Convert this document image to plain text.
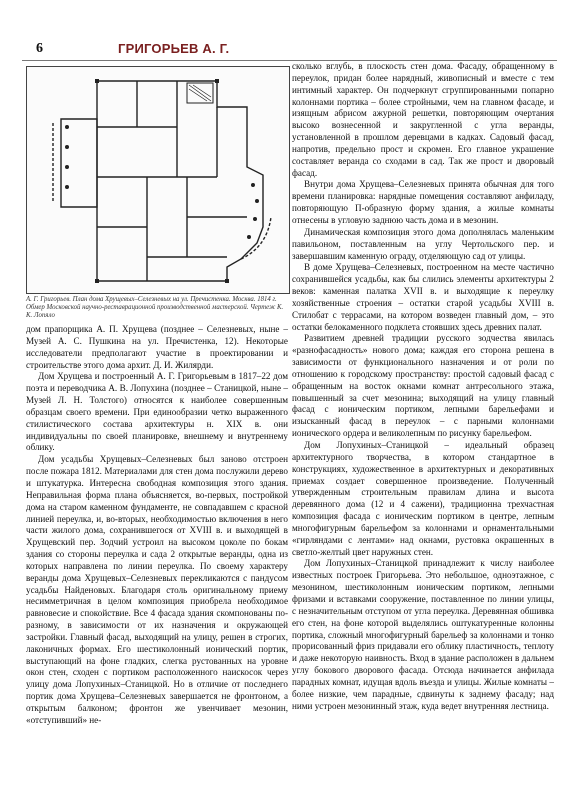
6	ГРИГОРЬЕВ А. Г.
А. Г. Григорьев. План дома Хрущевых–Селезневых на ул. Пречистенка. Москва. 1814 г. Обмер Московской научно-реставрационной производственной мастерской. Чертеж К. К. Лопяло

дом прапорщика А. П. Хрущева (позднее – Селезневых, ныне – Музей А. С. Пушкина на ул. Пречистенка, 12). Некоторые исследователи предполагают участие в проектировании и строительстве этого дома архит. Д. И. Жилярди.

Дом Хрущева и построенный А. Г. Григорьевым в 1817–22 дом поэта и переводчика А. В. Лопухина (позднее – Станицкой, ныне – Музей Л. Н. Толстого) относятся к наиболее совершенным образцам своего времени. При единообразии четко выраженного стилистического состава архитектуры н. XIX в. они индивидуальны по своей планировке, внешнему и внутреннему облику.

Дом усадьбы Хрущевых–Селезневых был заново отстроен после пожара 1812. Материалами для стен дома послужили дерево и штукатурка. Интересна свободная композиция этого здания. Неправильная форма плана объясняется, во-первых, постройкой дома на старом каменном фундаменте, не совпадавшем с красной линией переулка, и, во-вторых, необходимостью включения в него части жилого дома, сохранившегося от XVIII в. и выходящей в Хрущевский пер. Зодчий устроил на высоком цоколе по бокам здания со стороны переулка и сада 2 открытые веранды, одна из которых направлена по линии переулка. По своему характеру веранды дома Хрущевых–Селезневых перекликаются с пандусом усадьбы Найденовых. Благодаря столь оригинальному приему несимметричная в целом композиция приобрела необходимое равновесие и спокойствие. Все 4 фасада здания скомпонованы по-разному, в зависимости от их назначения и окружающей застройки. Главный фасад, выходящий на улицу, решен в строгих, лаконичных формах. Его шестиколонный ионический портик, выступающий на фоне гладких, слегка рустованных на уровне окон стен, сходен с портиком расположенного наискосок через улицу дома Лопухиных–Станицкой. Но в отличие от последнего портик дома Хрущева–Селезневых завершается не фронтоном, а открытым балконом; фронтон же увенчивает мезонин, «отступивший» не-

сколько вглубь, в плоскость стен дома. Фасаду, обращенному в переулок, придан более нарядный, живописный и вместе с тем интимный характер. Он подчеркнут сгруппированными попарно колоннами портика – более стройными, чем на главном фасаде, и изящным абрисом ажурной решетки, повторяющим очертания высоко вознесенной и закругленной с угла веранды, установленной в прошлом деревцами в кадках. Садовый фасад, напротив, предельно прост и скромен. Его главное украшение составляет веранда со сходами в сад. Так же прост и дворовый фасад.

Внутри дома Хрущева–Селезневых принята обычная для того времени планировка: нарядные помещения составляют анфиладу, повторяющую П-образную форму здания, а жилые комнаты отнесены в угловую заднюю часть дома и в мезонин.

Динамическая композиция этого дома дополнялась маленьким павильоном, поставленным на углу Чертольского пер. и завершавшим каменную ограду, отделяющую сад от улицы.

В доме Хрущева–Селезневых, построенном на месте частично сохранившейся усадьбы, как бы слились элементы архитектуры 2 веков: каменная палатка XVII в. и выходящие к переулку хозяйственные строения – остатки старой усадьбы XVIII в. Стилобат с террасами, на котором возведен главный дом, – это остатки белокаменного подклета стоявших здесь древних палат.

Развитием древней традиции русского зодчества явилась «разнофасадность» нового дома; каждая его сторона решена в зависимости от функционального назначения и от роли по отношению к городскому пространству: простой садовый фасад с обращенным на восток окнами комнат антресольного этажа, повышенный за счет мезонина; выходящий на улицу главный фасад с ионическим портиком, лепными барельефами и изысканный фасад в переулок – с парными колоннами ионического ордера и великолепным по рисунку барельефом.

Дом Лопухиных–Станицкой – идеальный образец архитектурного творчества, в котором стандартное в конструкциях, художественное в архитектурных и декоративных приемах создает совершенное произведение. Полученный утвержденным строительным правилам длина и высота деревянного дома (12 и 4 сажени), традиционна трехчастная композиция фасада с ионическим портиком в центре, лепным многофигурным барельефом за колоннами и орнаментальными «гирляндами с лентами» над окнами, рустовка окрашенных в светло-желтый цвет наружных стен.

Дом Лопухиных–Станицкой принадлежит к числу наиболее известных построек Григорьева. Это небольшое, одноэтажное, с мезонином, шестиколонным ионическим портиком, лепными фризами и вставками сооружение, поставленное по линии улицы, с незначительным отступом от угла переулка. Деревянная обшивка его стен, на фоне которой выделялись оштукатуренные колонны портика, сложный многофигурный барельеф за колоннами и тонко прорисованный фриз придавали его облику пластичность, теплоту и даже некоторую наивность. Вход в здание расположен в дальнем углу бокового дворового фасада. Отсюда начинается анфилада парадных комнат, идущая вдоль въезда и улицы. Жилые комнаты – более низкие, чем парадные, сдвинуты к заднему фасаду; над ними устроен мезонинный этаж, куда ведет внутренняя лестница.
